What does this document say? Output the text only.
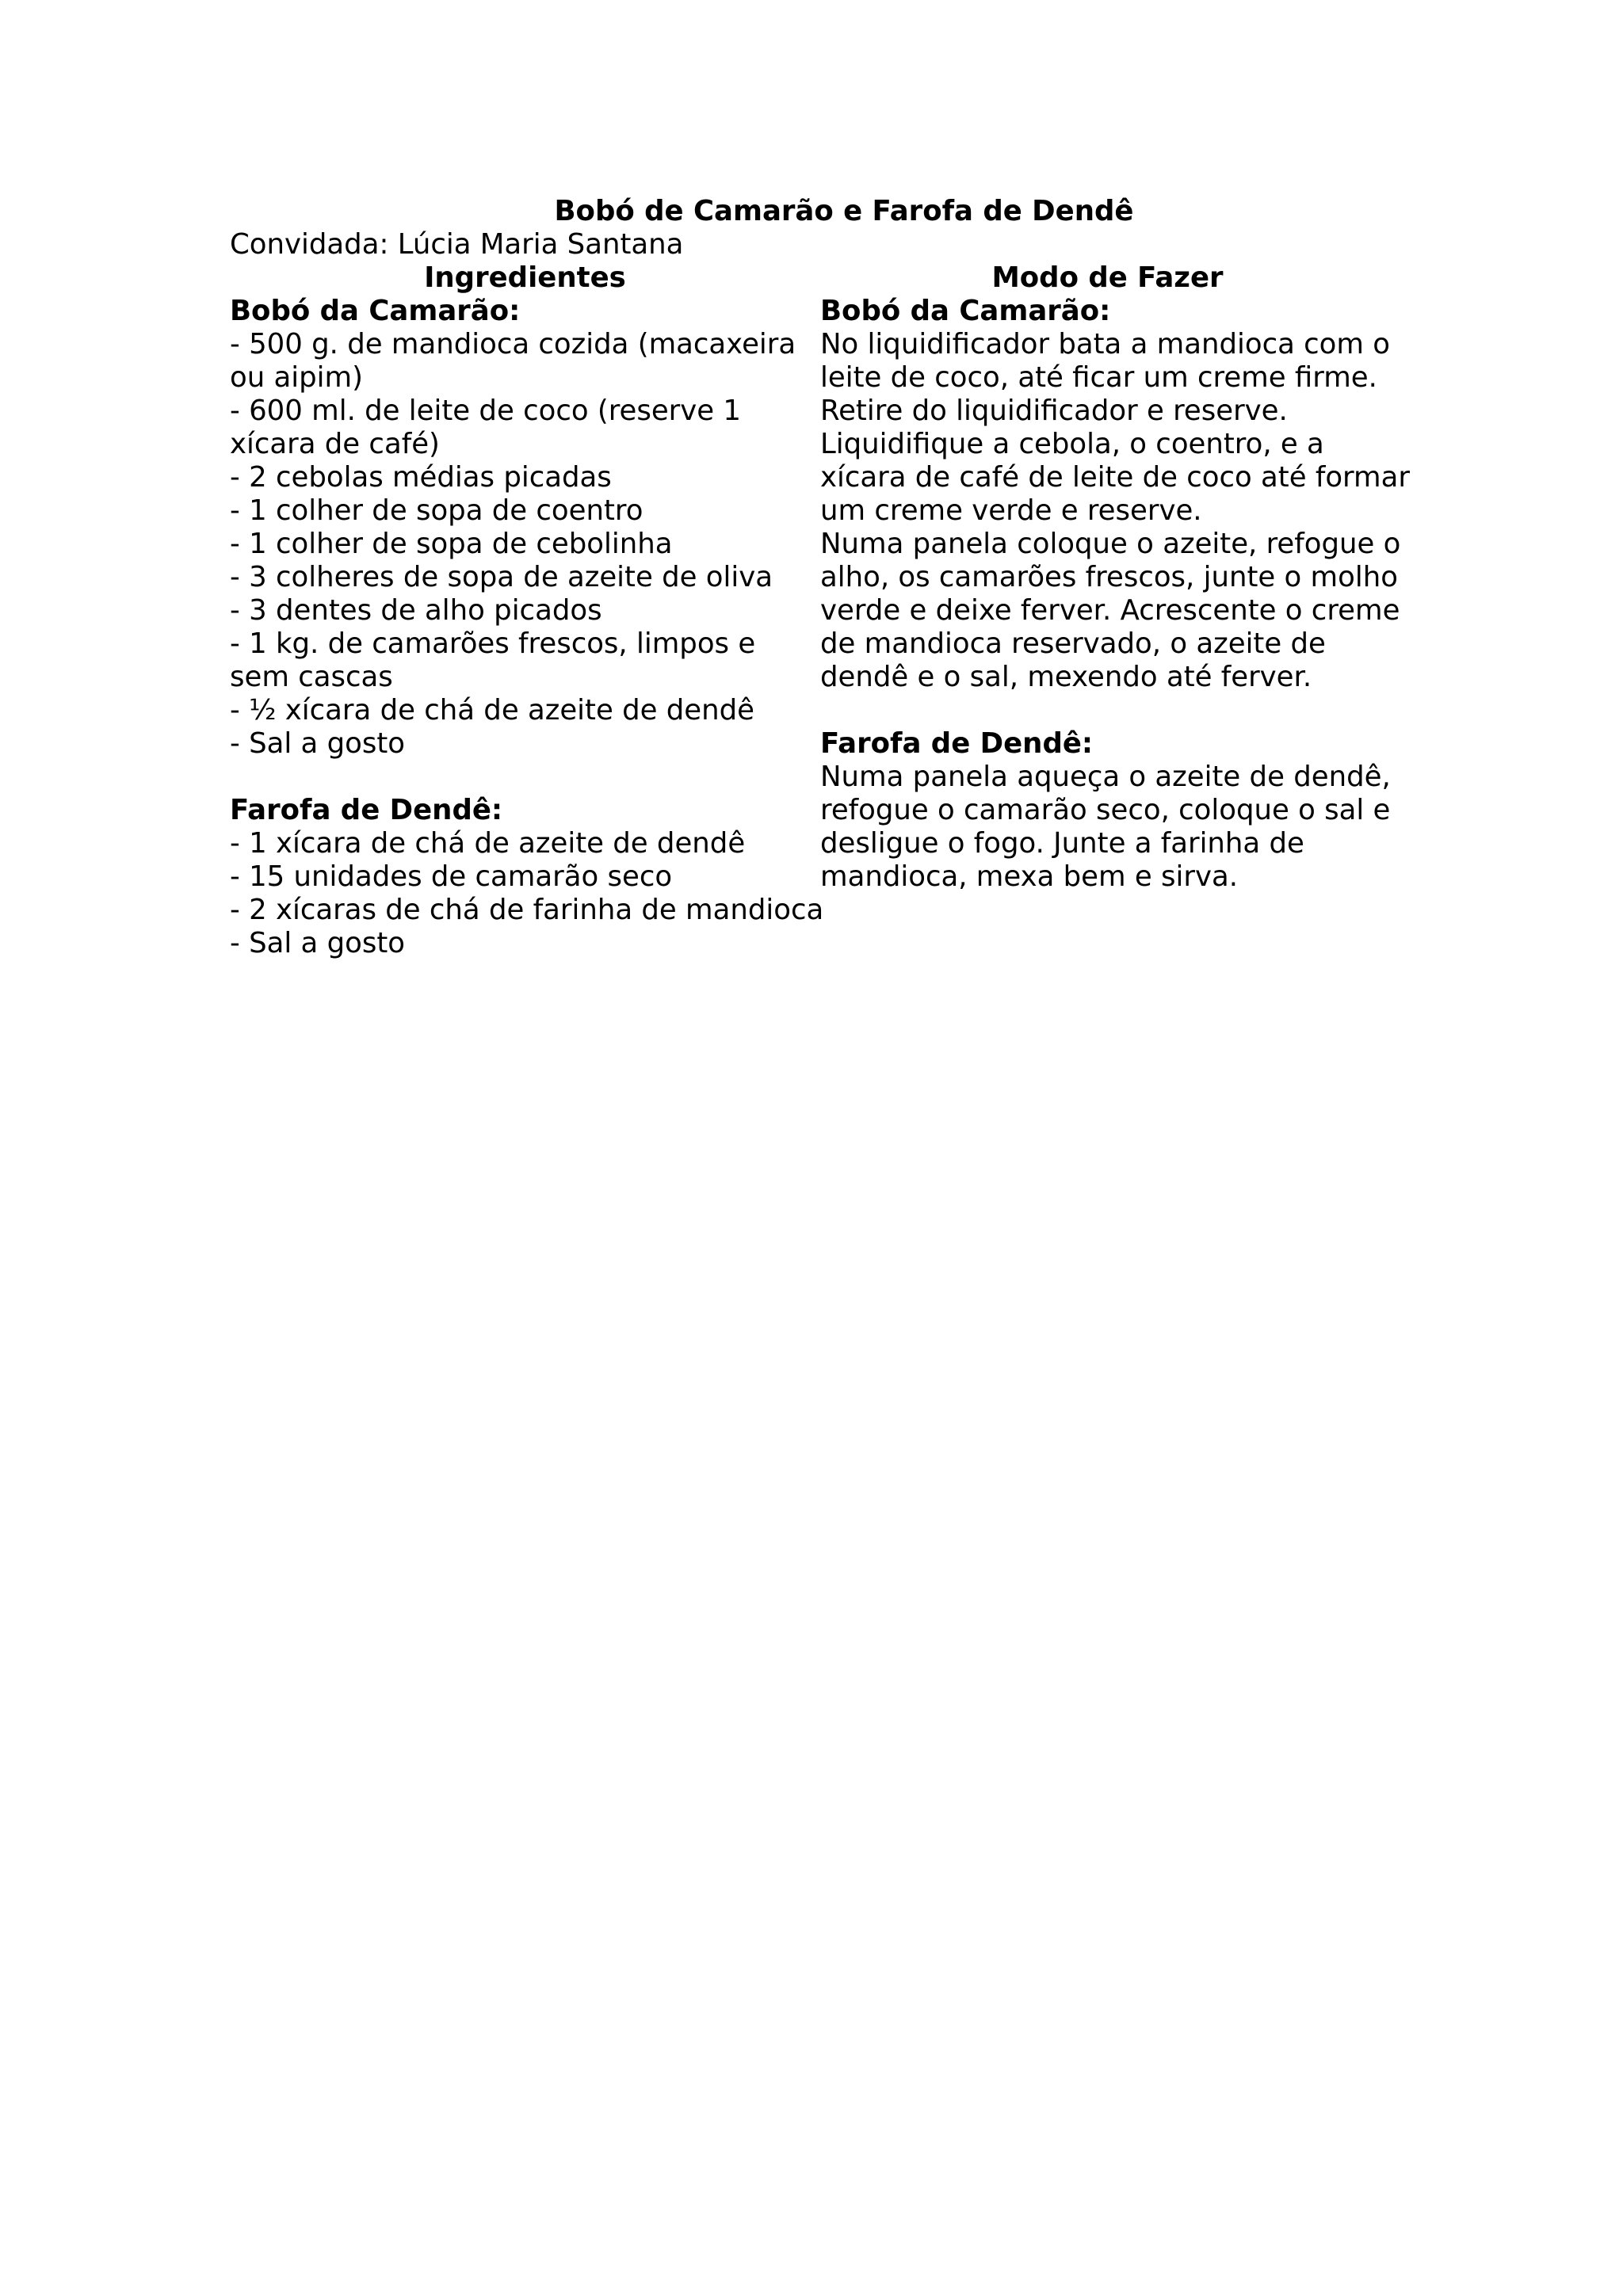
Bobó de Camarão e Farofa de Dendê
Convidada: Lúcia Maria Santana
Ingredientes
Bobó da Camarão:
- 500 g. de mandioca cozida (macaxeira
ou aipim)
- 600 ml. de leite de coco (reserve 1
xícara de café)
- 2 cebolas médias picadas
- 1 colher de sopa de coentro
- 1 colher de sopa de cebolinha
- 3 colheres de sopa de azeite de oliva
- 3 dentes de alho picados
- 1 kg. de camarões frescos, limpos e
sem cascas
- ½ xícara de chá de azeite de dendê
- Sal a gosto
Farofa de Dendê:
- 1 xícara de chá de azeite de dendê
- 15 unidades de camarão seco
- 2 xícaras de chá de farinha de mandioca
- Sal a gosto
Modo de Fazer
Bobó da Camarão:
No liquidificador bata a mandioca com o
leite de coco, até ficar um creme firme.
Retire do liquidificador e reserve.
Liquidifique a cebola, o coentro, e a
xícara de café de leite de coco até formar
um creme verde e reserve.
Numa panela coloque o azeite, refogue o
alho, os camarões frescos, junte o molho
verde e deixe ferver. Acrescente o creme
de mandioca reservado, o azeite de
dendê e o sal, mexendo até ferver.
Farofa de Dendê:
Numa panela aqueça o azeite de dendê,
refogue o camarão seco, coloque o sal e
desligue o fogo. Junte a farinha de
mandioca, mexa bem e sirva.
